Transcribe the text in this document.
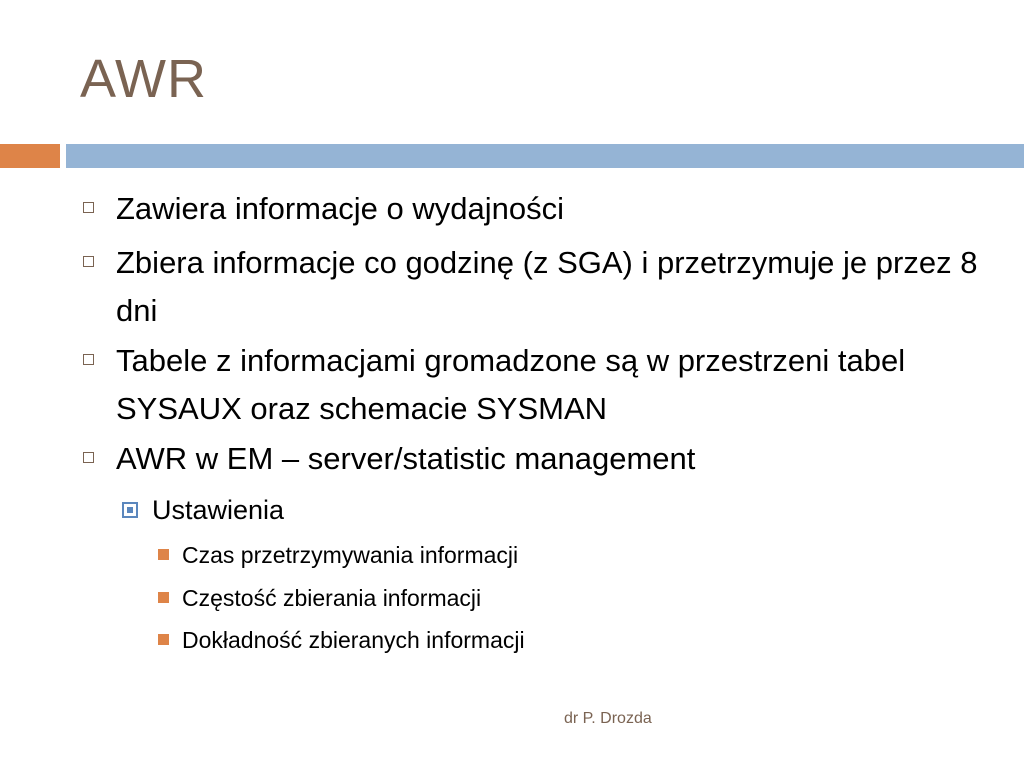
AWR
Zawiera informacje o wydajności
Zbiera informacje co godzinę (z SGA) i przetrzymuje je przez 8 dni
Tabele z informacjami gromadzone są w przestrzeni tabel SYSAUX oraz schemacie SYSMAN
AWR w EM – server/statistic management
Ustawienia
Czas przetrzymywania informacji
Częstość zbierania informacji
Dokładność zbieranych informacji
dr P. Drozda
